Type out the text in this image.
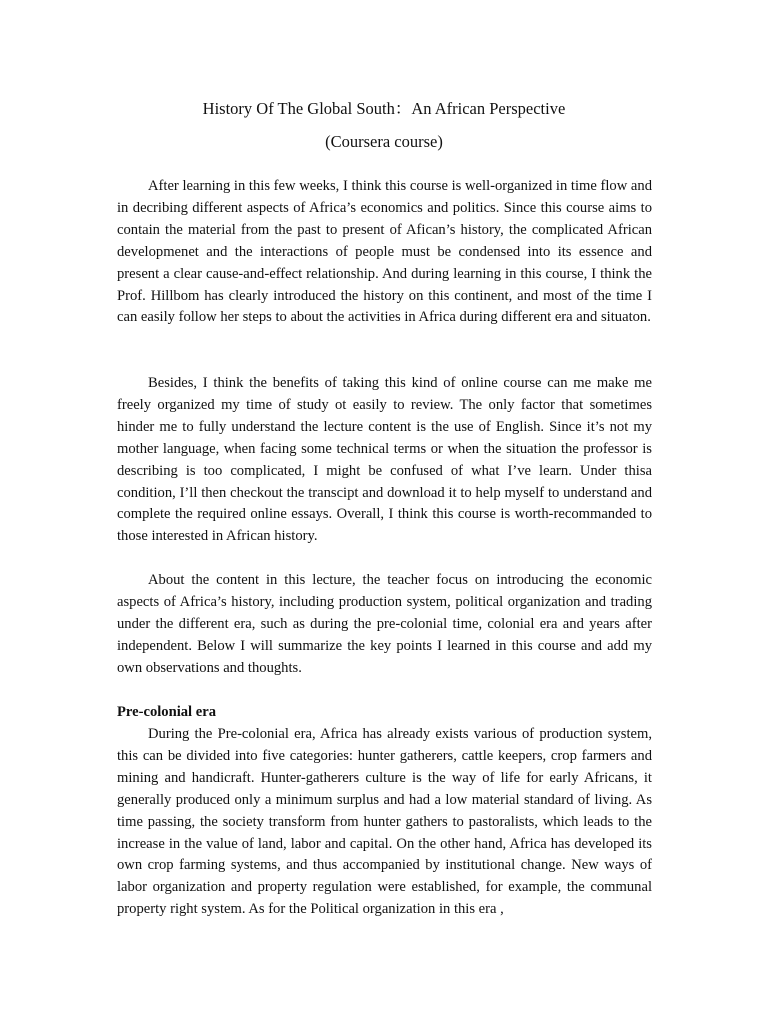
History Of The Global South：An African Perspective
(Coursera course)

After learning in this few weeks, I think this course is well-organized in time flow and in decribing different aspects of Africa’s economics and politics. Since this course aims to contain the material from the past to present of Afican’s history, the complicated African developmenet and the interactions of people must be condensed into its essence and present a clear cause-and-effect relationship. And during learning in this course, I think the Prof. Hillbom has clearly introduced the history on this continent, and most of the time I can easily follow her steps to about the activities in Africa during different era and situaton.

Besides, I think the benefits of taking this kind of online course can me make me freely organized my time of study ot easily to review. The only factor that sometimes hinder me to fully understand the lecture content is the use of English. Since it’s not my mother language, when facing some technical terms or when the situation the professor is describing is too complicated, I might be confused of what I’ve learn. Under thisa condition, I’ll then checkout the transcipt and download it to help myself to understand and complete the required online essays. Overall, I think this course is worth-recommanded to those interested in African history.

About the content in this lecture, the teacher focus on introducing the economic aspects of Africa’s history, including production system, political organization and trading under the different era, such as during the pre-colonial time, colonial era and years after independent. Below I will summarize the key points I learned in this course and add my own observations and thoughts.

Pre-colonial era

During the Pre-colonial era, Africa has already exists various of production system, this can be divided into five categories: hunter gatherers, cattle keepers, crop farmers and mining and handicraft. Hunter-gatherers culture is the way of life for early Africans, it generally produced only a minimum surplus and had a low material standard of living. As time passing, the society transform from hunter gathers to pastoralists, which leads to the increase in the value of land, labor and capital. On the other hand, Africa has developed its own crop farming systems, and thus accompanied by institutional change. New ways of labor organization and property regulation were established, for example, the communal property right system. As for the Political organization in this era ,
